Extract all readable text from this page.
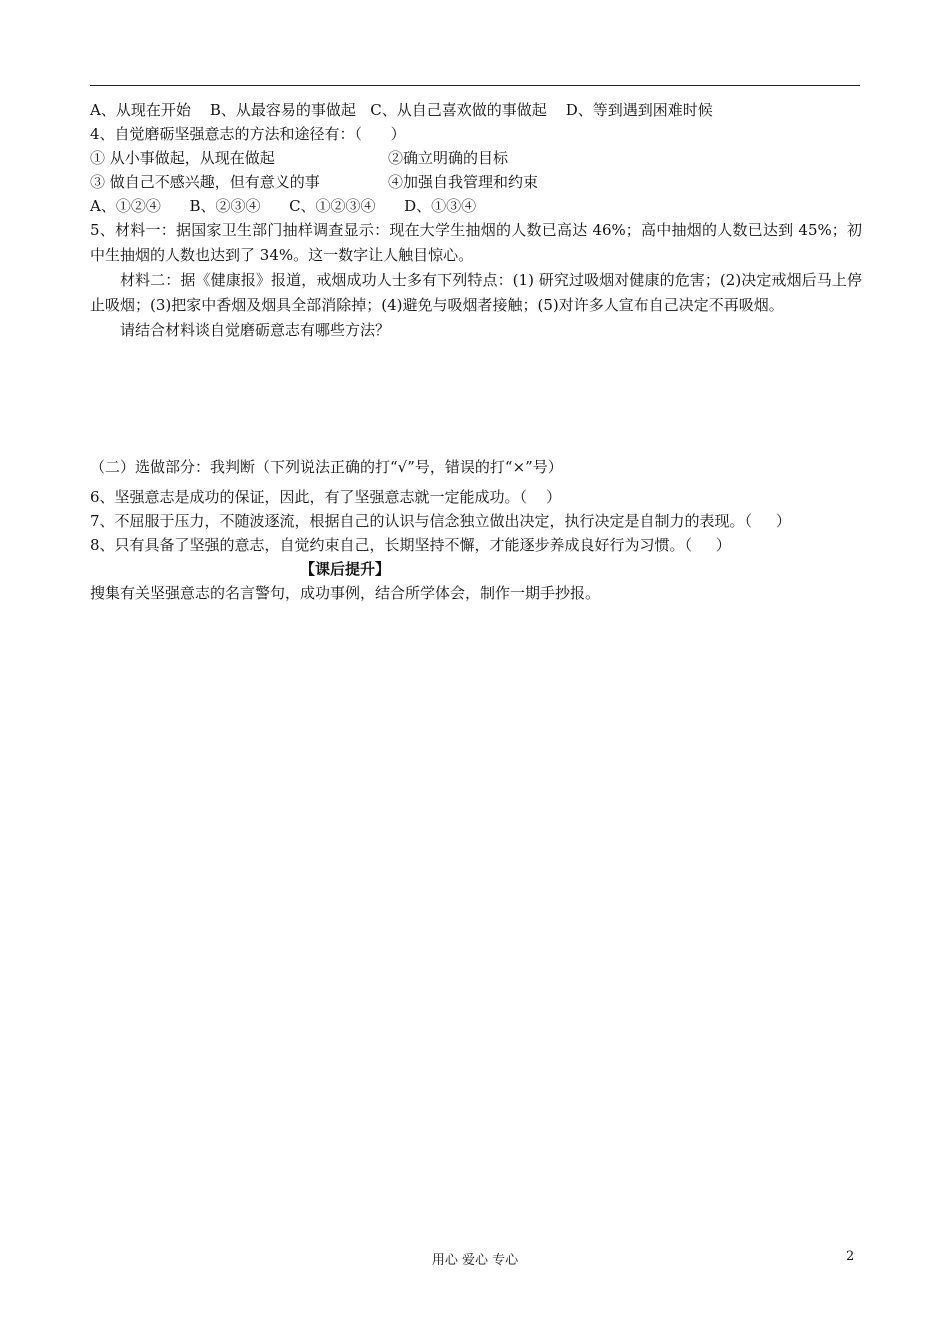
A、从现在开始    B、从最容易的事做起   C、从自己喜欢做的事做起    D、等到遇到困难时候
4、自觉磨砺坚强意志的方法和途径有：（      ）
① 从小事做起，从现在做起	②确立明确的目标
③ 做自己不感兴趣，但有意义的事	④加强自我管理和约束
A、①②④      B、②③④      C、①②③④      D、①③④
5、材料一：据国家卫生部门抽样调查显示：现在大学生抽烟的人数已高达 46%；高中抽烟的人数已达到 45%；初中生抽烟的人数也达到了 34%。这一数字让人触目惊心。
材料二：据《健康报》报道，戒烟成功人士多有下列特点：(1) 研究过吸烟对健康的危害；(2)决定戒烟后马上停止吸烟；(3)把家中香烟及烟具全部消除掉；(4)避免与吸烟者接触；(5)对许多人宣布自己决定不再吸烟。
请结合材料谈自觉磨砺意志有哪些方法？
（二）选做部分：我判断（下列说法正确的打“√”号，错误的打“×”号）
6、坚强意志是成功的保证，因此，有了坚强意志就一定能成功。（    ）
7、不屈服于压力，不随波逐流，根据自己的认识与信念独立做出决定，执行决定是自制力的表现。（     ）
8、只有具备了坚强的意志，自觉约束自己，长期坚持不懈，才能逐步养成良好行为习惯。（     ）
【课后提升】
搜集有关坚强意志的名言警句，成功事例，结合所学体会，制作一期手抄报。
用心 爱心 专心	2
